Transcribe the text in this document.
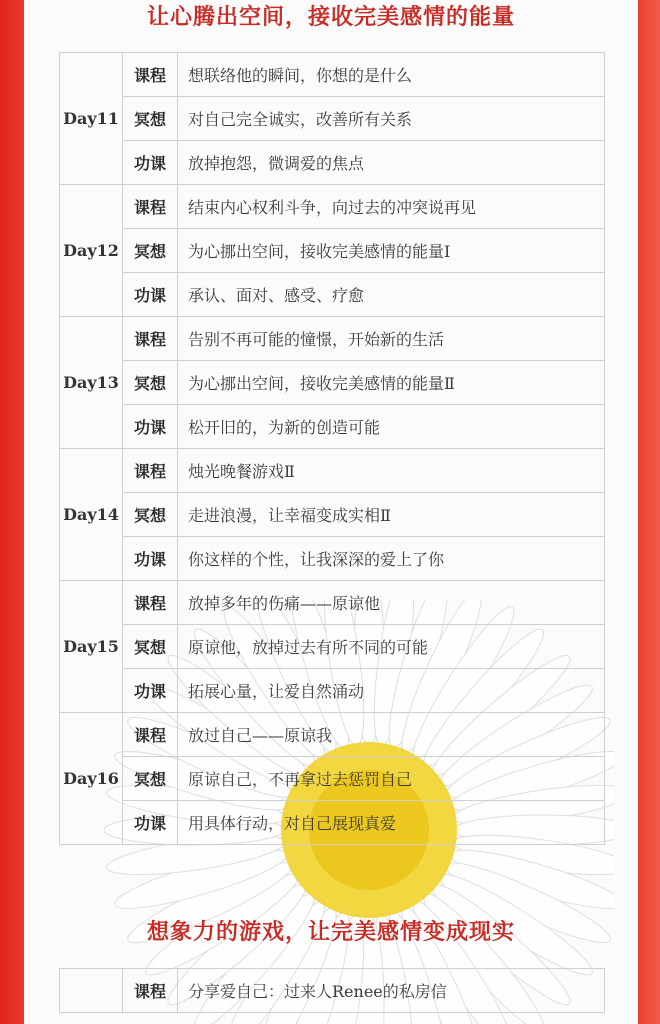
让心腾出空间，接收完美感情的能量
Day11	课程	想联络他的瞬间，你想的是什么
	冥想	对自己完全诚实，改善所有关系
	功课	放掉抱怨，微调爱的焦点
Day12	课程	结束内心权利斗争，向过去的冲突说再见
	冥想	为心挪出空间，接收完美感情的能量Ⅰ
	功课	承认、面对、感受、疗愈
Day13	课程	告别不再可能的憧憬，开始新的生活
	冥想	为心挪出空间，接收完美感情的能量Ⅱ
	功课	松开旧的，为新的创造可能
Day14	课程	烛光晚餐游戏Ⅱ
	冥想	走进浪漫，让幸福变成实相Ⅱ
	功课	你这样的个性，让我深深的爱上了你
Day15	课程	放掉多年的伤痛——原谅他
	冥想	原谅他，放掉过去有所不同的可能
	功课	拓展心量，让爱自然涌动
Day16	课程	放过自己——原谅我
	冥想	原谅自己，不再拿过去惩罚自己
	功课	用具体行动，对自己展现真爱
想象力的游戏，让完美感情变成现实
	课程	分享爱自己：过来人Renee的私房信
